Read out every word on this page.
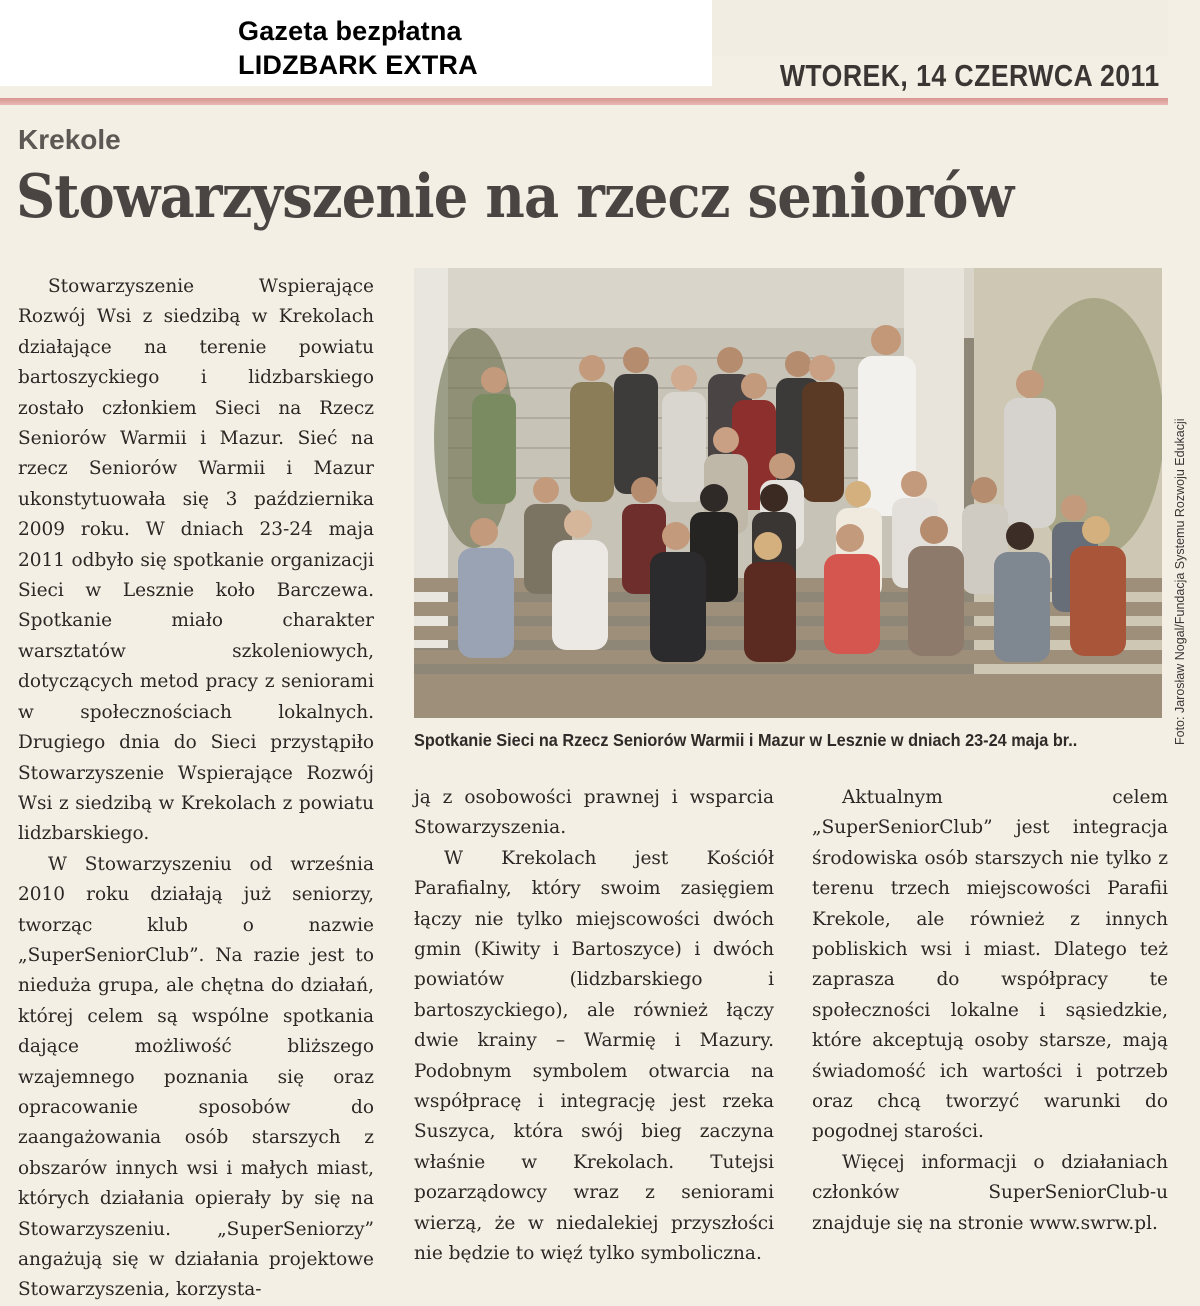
Gazeta bezpłatna
LIDZBARK EXTRA	WTOREK, 14 CZERWCA 2011
Krekole
Stowarzyszenie na rzecz seniorów

Stowarzyszenie Wspierające Rozwój Wsi z siedzibą w Krekolach działające na terenie powiatu bartoszyckiego i lidzbarskiego zostało członkiem Sieci na Rzecz Seniorów Warmii i Mazur. Sieć na rzecz Seniorów Warmii i Mazur ukonstytuowała się 3 października 2009 roku. W dniach 23-24 maja 2011 odbyło się spotkanie organizacji Sieci w Lesznie koło Barczewa. Spotkanie miało charakter warsztatów szkoleniowych, dotyczących metod pracy z seniorami w społecznościach lokalnych. Drugiego dnia do Sieci przystąpiło Stowarzyszenie Wspierające Rozwój Wsi z siedzibą w Krekolach z powiatu lidzbarskiego.

W Stowarzyszeniu od września 2010 roku działają już seniorzy, tworząc klub o nazwie „SuperSeniorClub”. Na razie jest to nieduża grupa, ale chętna do działań, której celem są wspólne spotkania dające możliwość bliższego wzajemnego poznania się oraz opracowanie sposobów do zaangażowania osób starszych z obszarów innych wsi i małych miast, których działania opierały by się na Stowarzyszeniu. „SuperSeniorzy” angażują się w działania projektowe Stowarzyszenia, korzysta-

Spotkanie Sieci na Rzecz Seniorów Warmii i Mazur w Lesznie w dniach 23-24 maja br..	Foto: Jarosław Nogal/Fundacja Systemu Rozwoju Edukacji

ją z osobowości prawnej i wsparcia Stowarzyszenia.

W Krekolach jest Kościół Parafialny, który swoim zasięgiem łączy nie tylko miejscowości dwóch gmin (Kiwity i Bartoszyce) i dwóch powiatów (lidzbarskiego i bartoszyckiego), ale również łączy dwie krainy – Warmię i Mazury. Podobnym symbolem otwarcia na współpracę i integrację jest rzeka Suszyca, która swój bieg zaczyna właśnie w Krekolach. Tutejsi pozarządowcy wraz z seniorami wierzą, że w niedalekiej przyszłości nie będzie to więź tylko symboliczna.

Aktualnym celem „SuperSeniorClub” jest integracja środowiska osób starszych nie tylko z terenu trzech miejscowości Parafii Krekole, ale również z innych pobliskich wsi i miast. Dlatego też zaprasza do współpracy te społeczności lokalne i sąsiedzkie, które akceptują osoby starsze, mają świadomość ich wartości i potrzeb oraz chcą tworzyć warunki do pogodnej starości.

Więcej informacji o działaniach członków SuperSeniorClub-u znajduje się na stronie www.swrw.pl.
